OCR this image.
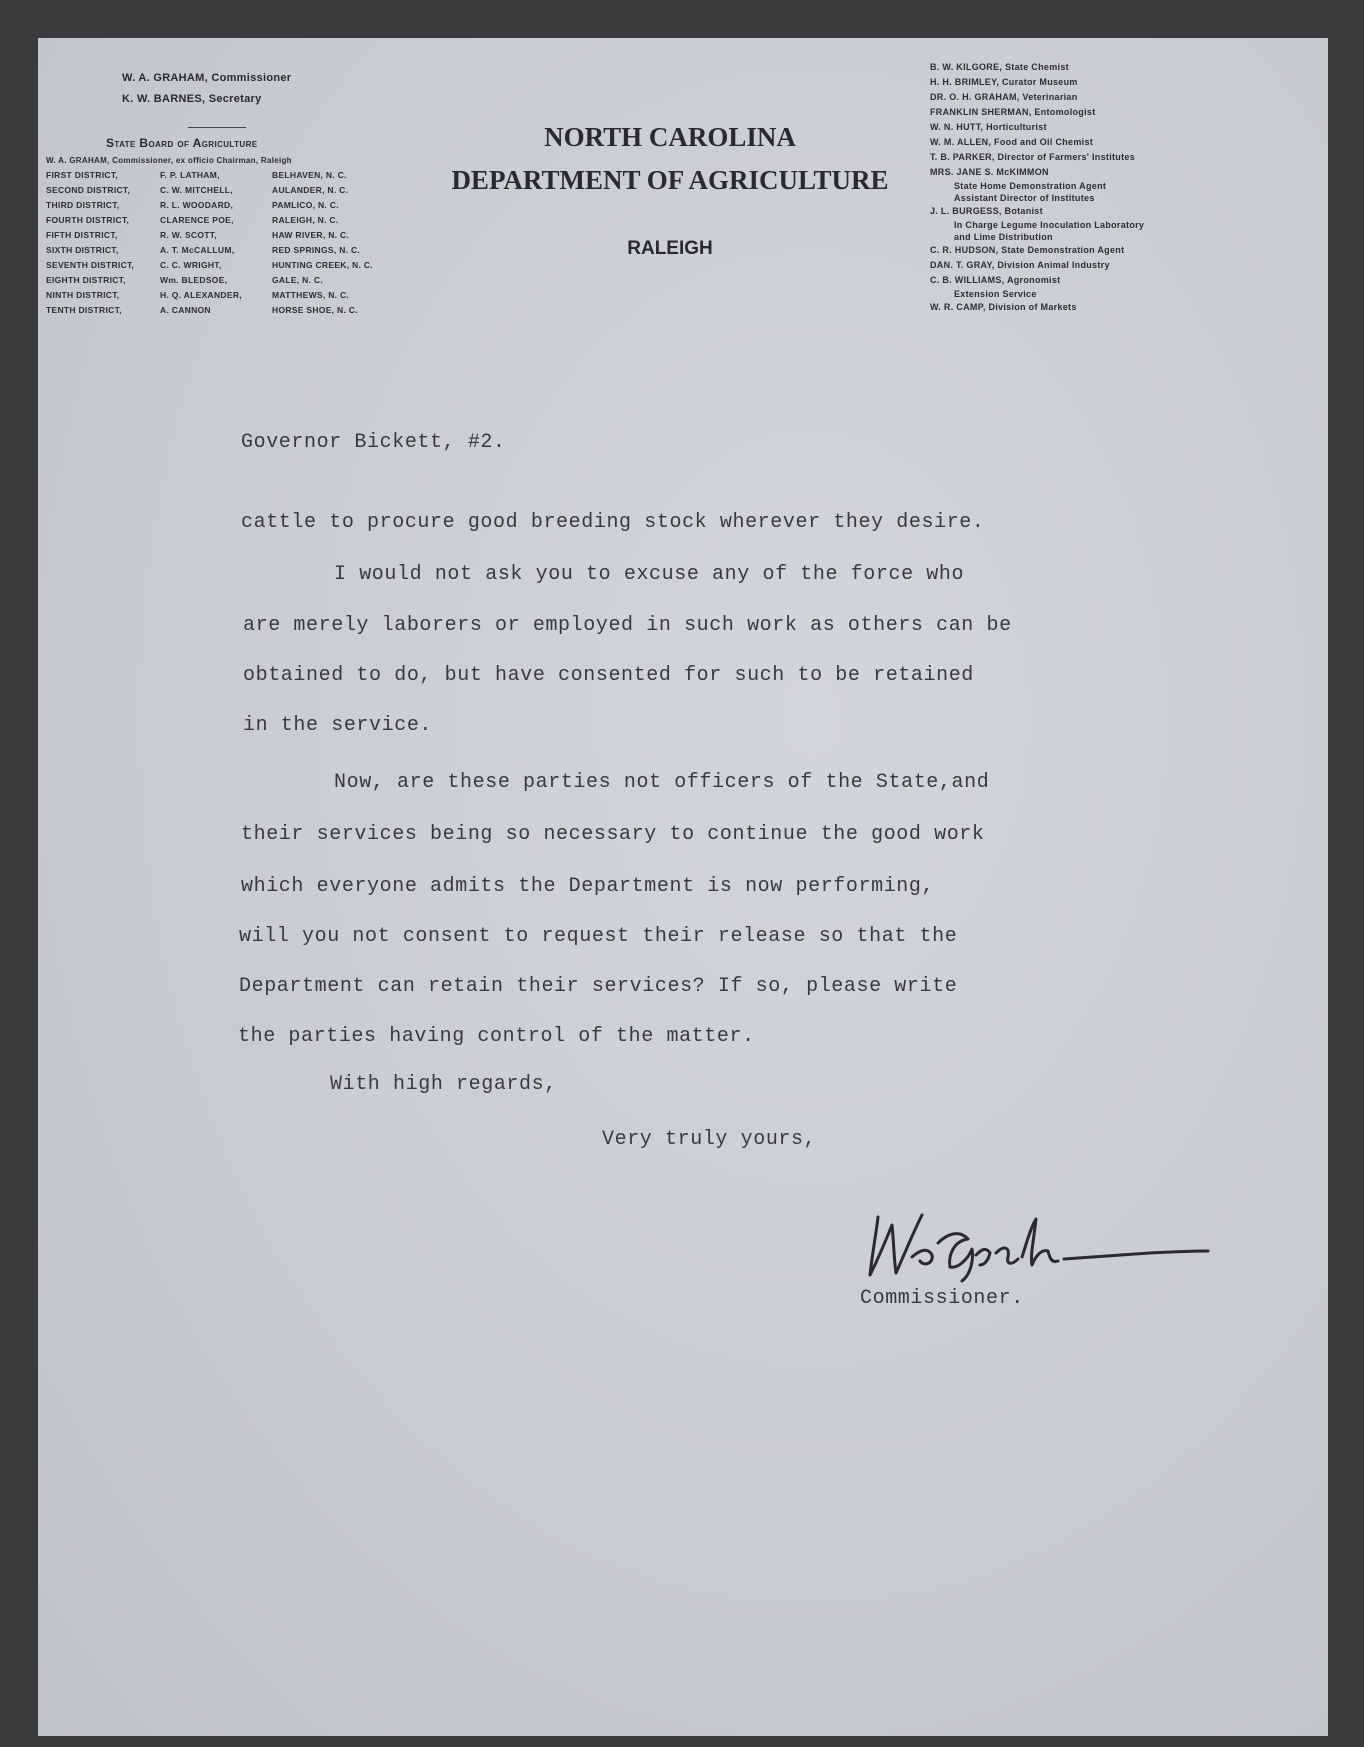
W. A. GRAHAM, Commissioner
K. W. BARNES, Secretary
State Board of Agriculture
W. A. GRAHAM, Commissioner, ex officio Chairman, Raleigh
FIRST DISTRICT,	F. P. LATHAM,	BELHAVEN, N. C.
SECOND DISTRICT,	C. W. MITCHELL,	AULANDER, N. C.
THIRD DISTRICT,	R. L. WOODARD,	PAMLICO, N. C.
FOURTH DISTRICT,	CLARENCE POE,	RALEIGH, N. C.
FIFTH DISTRICT,	R. W. SCOTT,	HAW RIVER, N. C.
SIXTH DISTRICT,	A. T. McCALLUM,	RED SPRINGS, N. C.
SEVENTH DISTRICT,	C. C. WRIGHT,	HUNTING CREEK, N. C.
EIGHTH DISTRICT,	Wm. BLEDSOE,	GALE, N. C.
NINTH DISTRICT,	H. Q. ALEXANDER,	MATTHEWS, N. C.
TENTH DISTRICT,	A. CANNON	HORSE SHOE, N. C.
NORTH CAROLINA
DEPARTMENT OF AGRICULTURE
RALEIGH
B. W. KILGORE, State Chemist
H. H. BRIMLEY, Curator Museum
DR. O. H. GRAHAM, Veterinarian
FRANKLIN SHERMAN, Entomologist
W. N. HUTT, Horticulturist
W. M. ALLEN, Food and Oil Chemist
T. B. PARKER, Director of Farmers' Institutes
MRS. JANE S. McKIMMON
State Home Demonstration Agent
Assistant Director of Institutes
J. L. BURGESS, Botanist
In Charge Legume Inoculation Laboratory
and Lime Distribution
C. R. HUDSON, State Demonstration Agent
DAN. T. GRAY, Division Animal Industry
C. B. WILLIAMS, Agronomist
Extension Service
W. R. CAMP, Division of Markets
Governor Bickett, #2.
cattle to procure good breeding stock wherever they desire.
I would not ask you to excuse any of the force who
are merely laborers or employed in such work as others can be
obtained to do, but have consented for such to be retained
in the service.
Now, are these parties not officers of the State,and
their services being so necessary to continue the good work
which everyone admits the Department is now performing,
will you not consent to request their release so that the
Department can retain their services? If so, please write
the parties having control of the matter.
With high regards,
Very truly yours,
Commissioner.
